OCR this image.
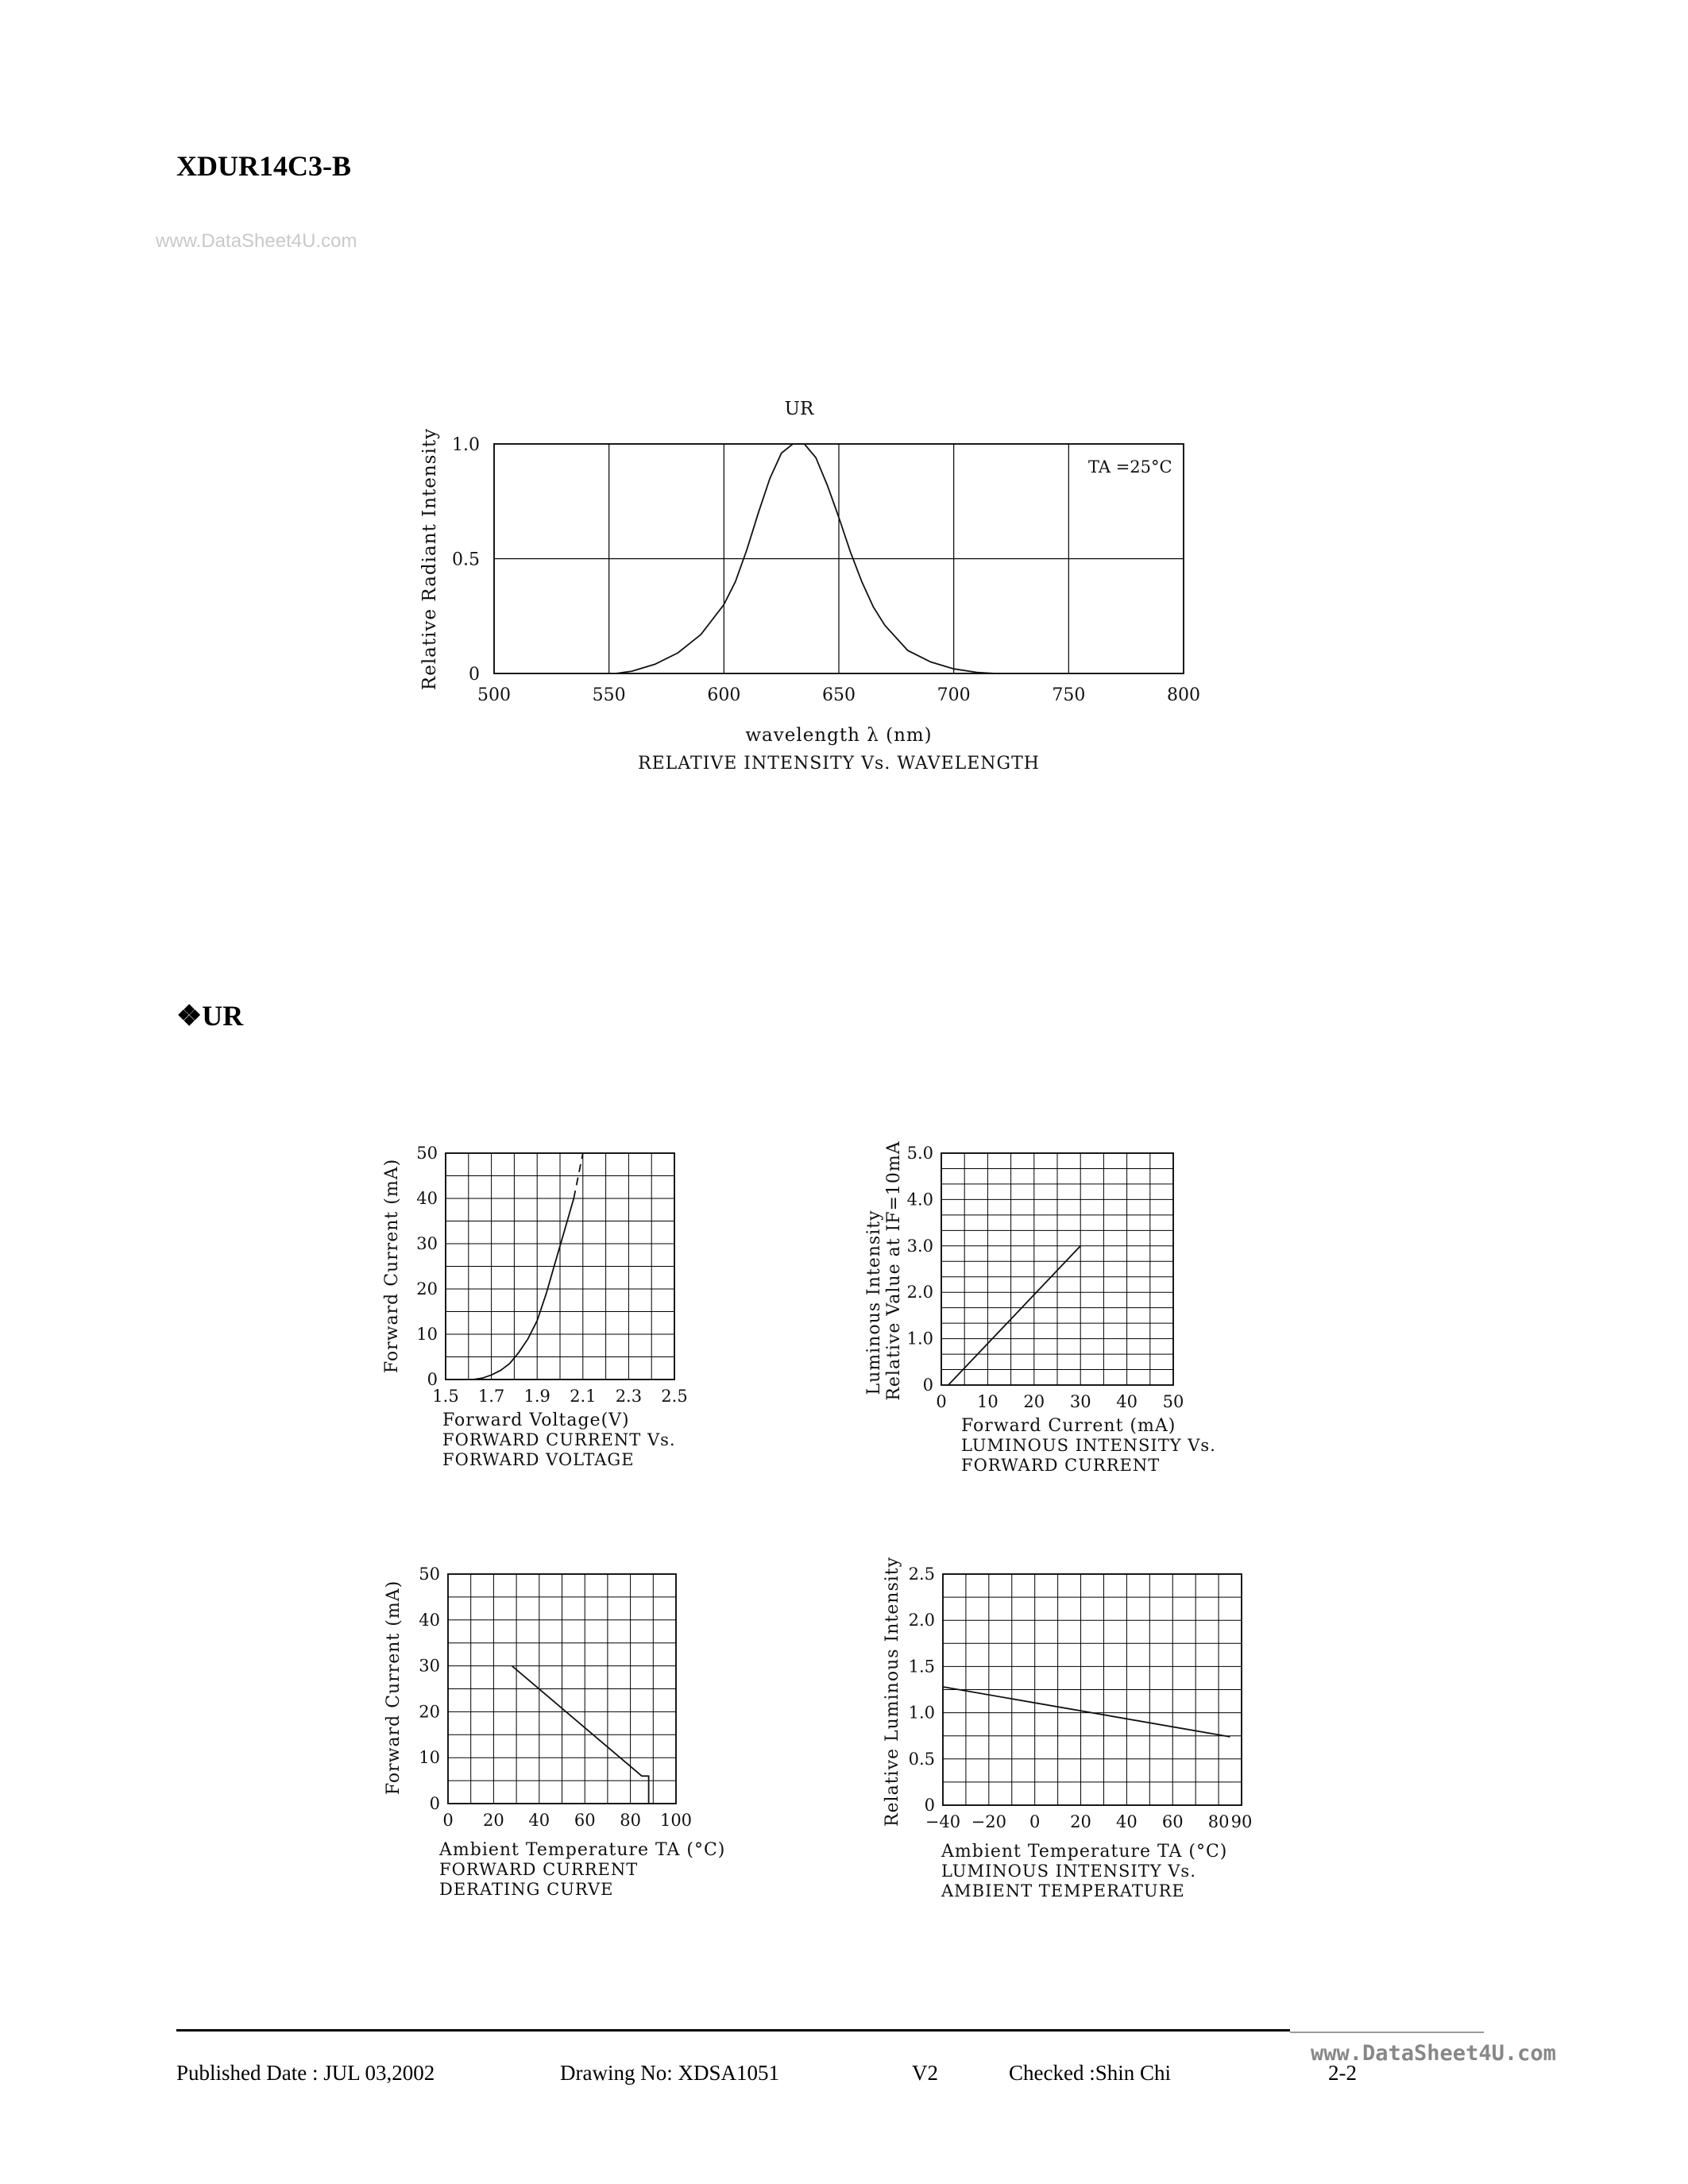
XDUR14C3-B
www.DataSheet4U.com
❖UR
500	550	600	650	700	750	800
0
0.5
1.0
Relative Radiant Intensity
wavelength λ (nm)
RELATIVE INTENSITY Vs. WAVELENGTH
UR
TA =25°C
1.5 1.7 1.9 2.1 2.3 2.5
0
10
20
30
40
50
Forward Current (mA)
Forward Voltage(V)
FORWARD CURRENT Vs.
FORWARD VOLTAGE
0 10 20 30 40 50
0
1.0
2.0
3.0
4.0
5.0
Luminous Intensity Relative Value at IF=10mA
Forward Current (mA)
LUMINOUS INTENSITY Vs.
FORWARD CURRENT
0 20 40 60 80 100
0
10
20
30
40
50
Forward Current (mA)
Ambient Temperature TA (°C)
FORWARD CURRENT
DERATING CURVE
−40 −20 0 20 40 60 80 90
0
0.5
1.0
1.5
2.0
2.5
Relative Luminous Intensity
Ambient Temperature TA (°C)
LUMINOUS INTENSITY Vs.
AMBIENT TEMPERATURE
www.DataSheet4U.com
Published Date : JUL 03,2002	Drawing No: XDSA1051	V2	Checked :Shin Chi	2-2
